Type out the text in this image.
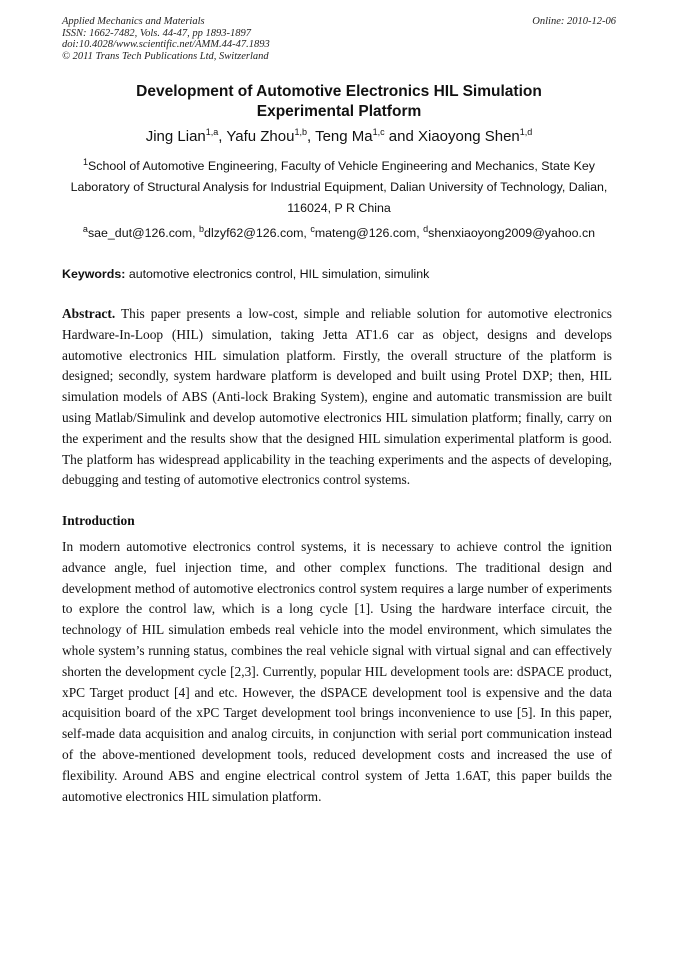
Applied Mechanics and Materials
ISSN: 1662-7482, Vols. 44-47, pp 1893-1897
doi:10.4028/www.scientific.net/AMM.44-47.1893
© 2011 Trans Tech Publications Ltd, Switzerland
Online: 2010-12-06
Development of Automotive Electronics HIL Simulation
Experimental Platform
Jing Lian$^{1,a}$, Yafu Zhou$^{1,b}$, Teng Ma$^{1,c}$ and Xiaoyong Shen$^{1,d}$
$^1$School of Automotive Engineering, Faculty of Vehicle Engineering and Mechanics, State Key Laboratory of Structural Analysis for Industrial Equipment, Dalian University of Technology, Dalian, 116024, P R China
$^a$sae_dut@126.com, $^b$dlzyf62@126.com, $^c$mateng@126.com, $^d$shenxiaoyong2009@yahoo.cn
Keywords: automotive electronics control, HIL simulation, simulink
Abstract. This paper presents a low-cost, simple and reliable solution for automotive electronics Hardware-In-Loop (HIL) simulation, taking Jetta AT1.6 car as object, designs and develops automotive electronics HIL simulation platform. Firstly, the overall structure of the platform is designed; secondly, system hardware platform is developed and built using Protel DXP; then, HIL simulation models of ABS (Anti-lock Braking System), engine and automatic transmission are built using Matlab/Simulink and develop automotive electronics HIL simulation platform; finally, carry on the experiment and the results show that the designed HIL simulation experimental platform is good. The platform has widespread applicability in the teaching experiments and the aspects of developing, debugging and testing of automotive electronics control systems.
Introduction
In modern automotive electronics control systems, it is necessary to achieve control the ignition advance angle, fuel injection time, and other complex functions. The traditional design and development method of automotive electronics control system requires a large number of experiments to explore the control law, which is a long cycle [1]. Using the hardware interface circuit, the technology of HIL simulation embeds real vehicle into the model environment, which simulates the whole system’s running status, combines the real vehicle signal with virtual signal and can effectively shorten the development cycle [2,3]. Currently, popular HIL development tools are: dSPACE product, xPC Target product [4] and etc. However, the dSPACE development tool is expensive and the data acquisition board of the xPC Target development tool brings inconvenience to use [5]. In this paper, self-made data acquisition and analog circuits, in conjunction with serial port communication instead of the above-mentioned development tools, reduced development costs and increased the use of flexibility. Around ABS and engine electrical control system of Jetta 1.6AT, this paper builds the automotive electronics HIL simulation platform.
